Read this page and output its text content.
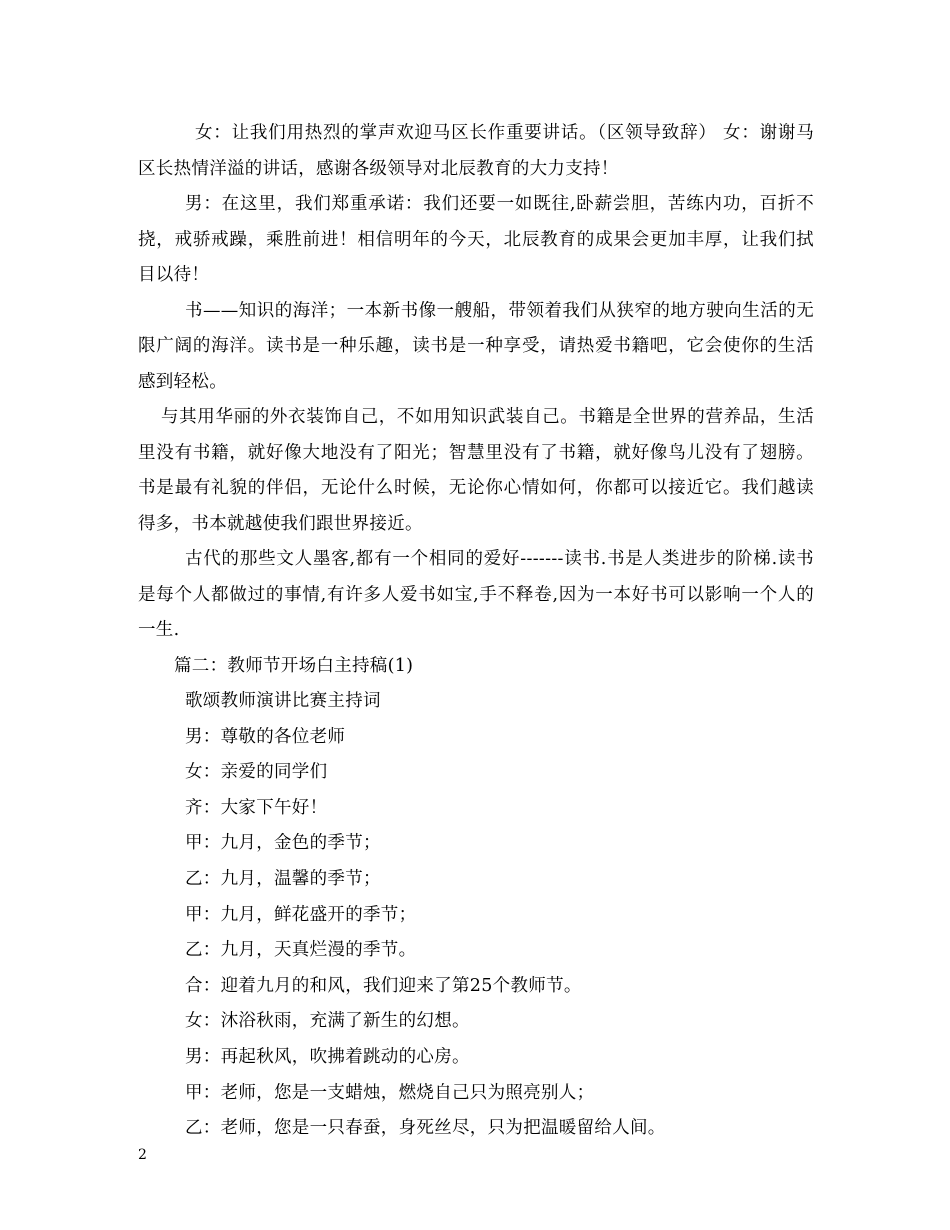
女：让我们用热烈的掌声欢迎马区长作重要讲话。（区领导致辞） 女：谢谢马区长热情洋溢的讲话，感谢各级领导对北辰教育的大力支持！

男：在这里，我们郑重承诺：我们还要一如既往,卧薪尝胆，苦练内功，百折不挠，戒骄戒躁，乘胜前进！相信明年的今天，北辰教育的成果会更加丰厚，让我们拭目以待！

书——知识的海洋；一本新书像一艘船，带领着我们从狭窄的地方驶向生活的无限广阔的海洋。读书是一种乐趣，读书是一种享受，请热爱书籍吧，它会使你的生活感到轻松。

与其用华丽的外衣装饰自己，不如用知识武装自己。书籍是全世界的营养品，生活里没有书籍，就好像大地没有了阳光；智慧里没有了书籍，就好像鸟儿没有了翅膀。书是最有礼貌的伴侣，无论什么时候，无论你心情如何，你都可以接近它。我们越读得多，书本就越使我们跟世界接近。

古代的那些文人墨客,都有一个相同的爱好-------读书.书是人类进步的阶梯.读书是每个人都做过的事情,有许多人爱书如宝,手不释卷,因为一本好书可以影响一个人的一生.

篇二：教师节开场白主持稿(1)

歌颂教师演讲比赛主持词

男：尊敬的各位老师

女：亲爱的同学们

齐：大家下午好！

甲：九月，金色的季节；

乙：九月，温馨的季节；

甲：九月，鲜花盛开的季节；

乙：九月，天真烂漫的季节。

合：迎着九月的和风，我们迎来了第25个教师节。

女：沐浴秋雨，充满了新生的幻想。

男：再起秋风，吹拂着跳动的心房。

甲：老师，您是一支蜡烛，燃烧自己只为照亮别人；

乙：老师，您是一只春蚕，身死丝尽，只为把温暖留给人间。

2
